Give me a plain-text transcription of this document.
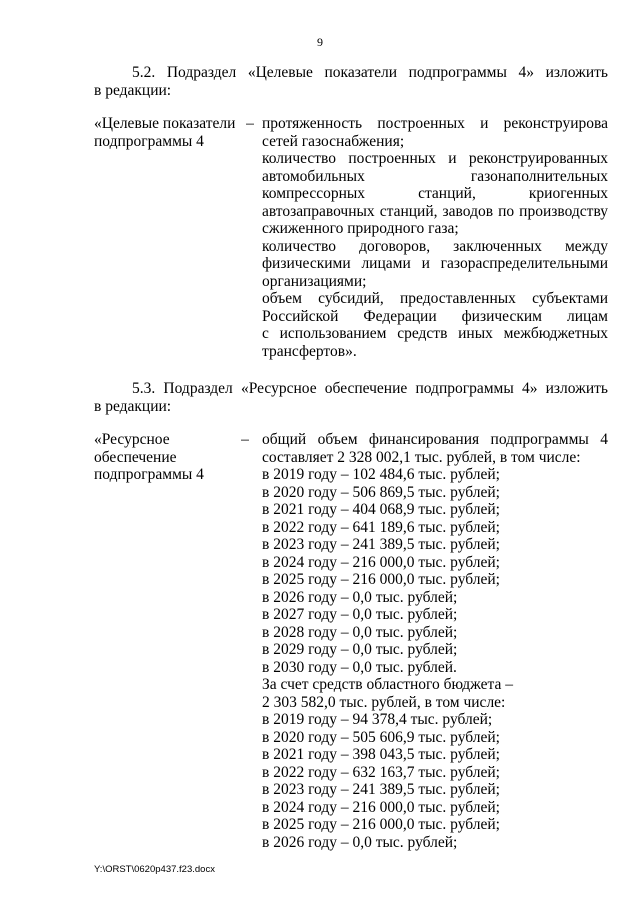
9
5.2. Подраздел «Целевые показатели подпрограммы 4» изложить
в редакции:
«Целевые показатели
подпрограммы 4
– протяженность построенных и реконструирова
сетей газоснабжения;
количество построенных и реконструированных
автомобильных газонаполнительных
компрессорных станций, криогенных
автозаправочных станций, заводов по производству
сжиженного природного газа;
количество договоров, заключенных между
физическими лицами и газораспределительными
организациями;
объем субсидий, предоставленных субъектами
Российской Федерации физическим лицам
с использованием средств иных межбюджетных
трансфертов».
5.3. Подраздел «Ресурсное обеспечение подпрограммы 4» изложить
в редакции:
«Ресурсное
обеспечение
подпрограммы 4
– общий объем финансирования подпрограммы 4
составляет 2 328 002,1 тыс. рублей, в том числе:
в 2019 году – 102 484,6 тыс. рублей;
в 2020 году – 506 869,5 тыс. рублей;
в 2021 году – 404 068,9 тыс. рублей;
в 2022 году – 641 189,6 тыс. рублей;
в 2023 году – 241 389,5 тыс. рублей;
в 2024 году – 216 000,0 тыс. рублей;
в 2025 году – 216 000,0 тыс. рублей;
в 2026 году – 0,0 тыс. рублей;
в 2027 году – 0,0 тыс. рублей;
в 2028 году – 0,0 тыс. рублей;
в 2029 году – 0,0 тыс. рублей;
в 2030 году – 0,0 тыс. рублей.
За счет средств областного бюджета –
2 303 582,0 тыс. рублей, в том числе:
в 2019 году – 94 378,4 тыс. рублей;
в 2020 году – 505 606,9 тыс. рублей;
в 2021 году – 398 043,5 тыс. рублей;
в 2022 году – 632 163,7 тыс. рублей;
в 2023 году – 241 389,5 тыс. рублей;
в 2024 году – 216 000,0 тыс. рублей;
в 2025 году – 216 000,0 тыс. рублей;
в 2026 году – 0,0 тыс. рублей;
Y:\ORST\0620p437.f23.docx
